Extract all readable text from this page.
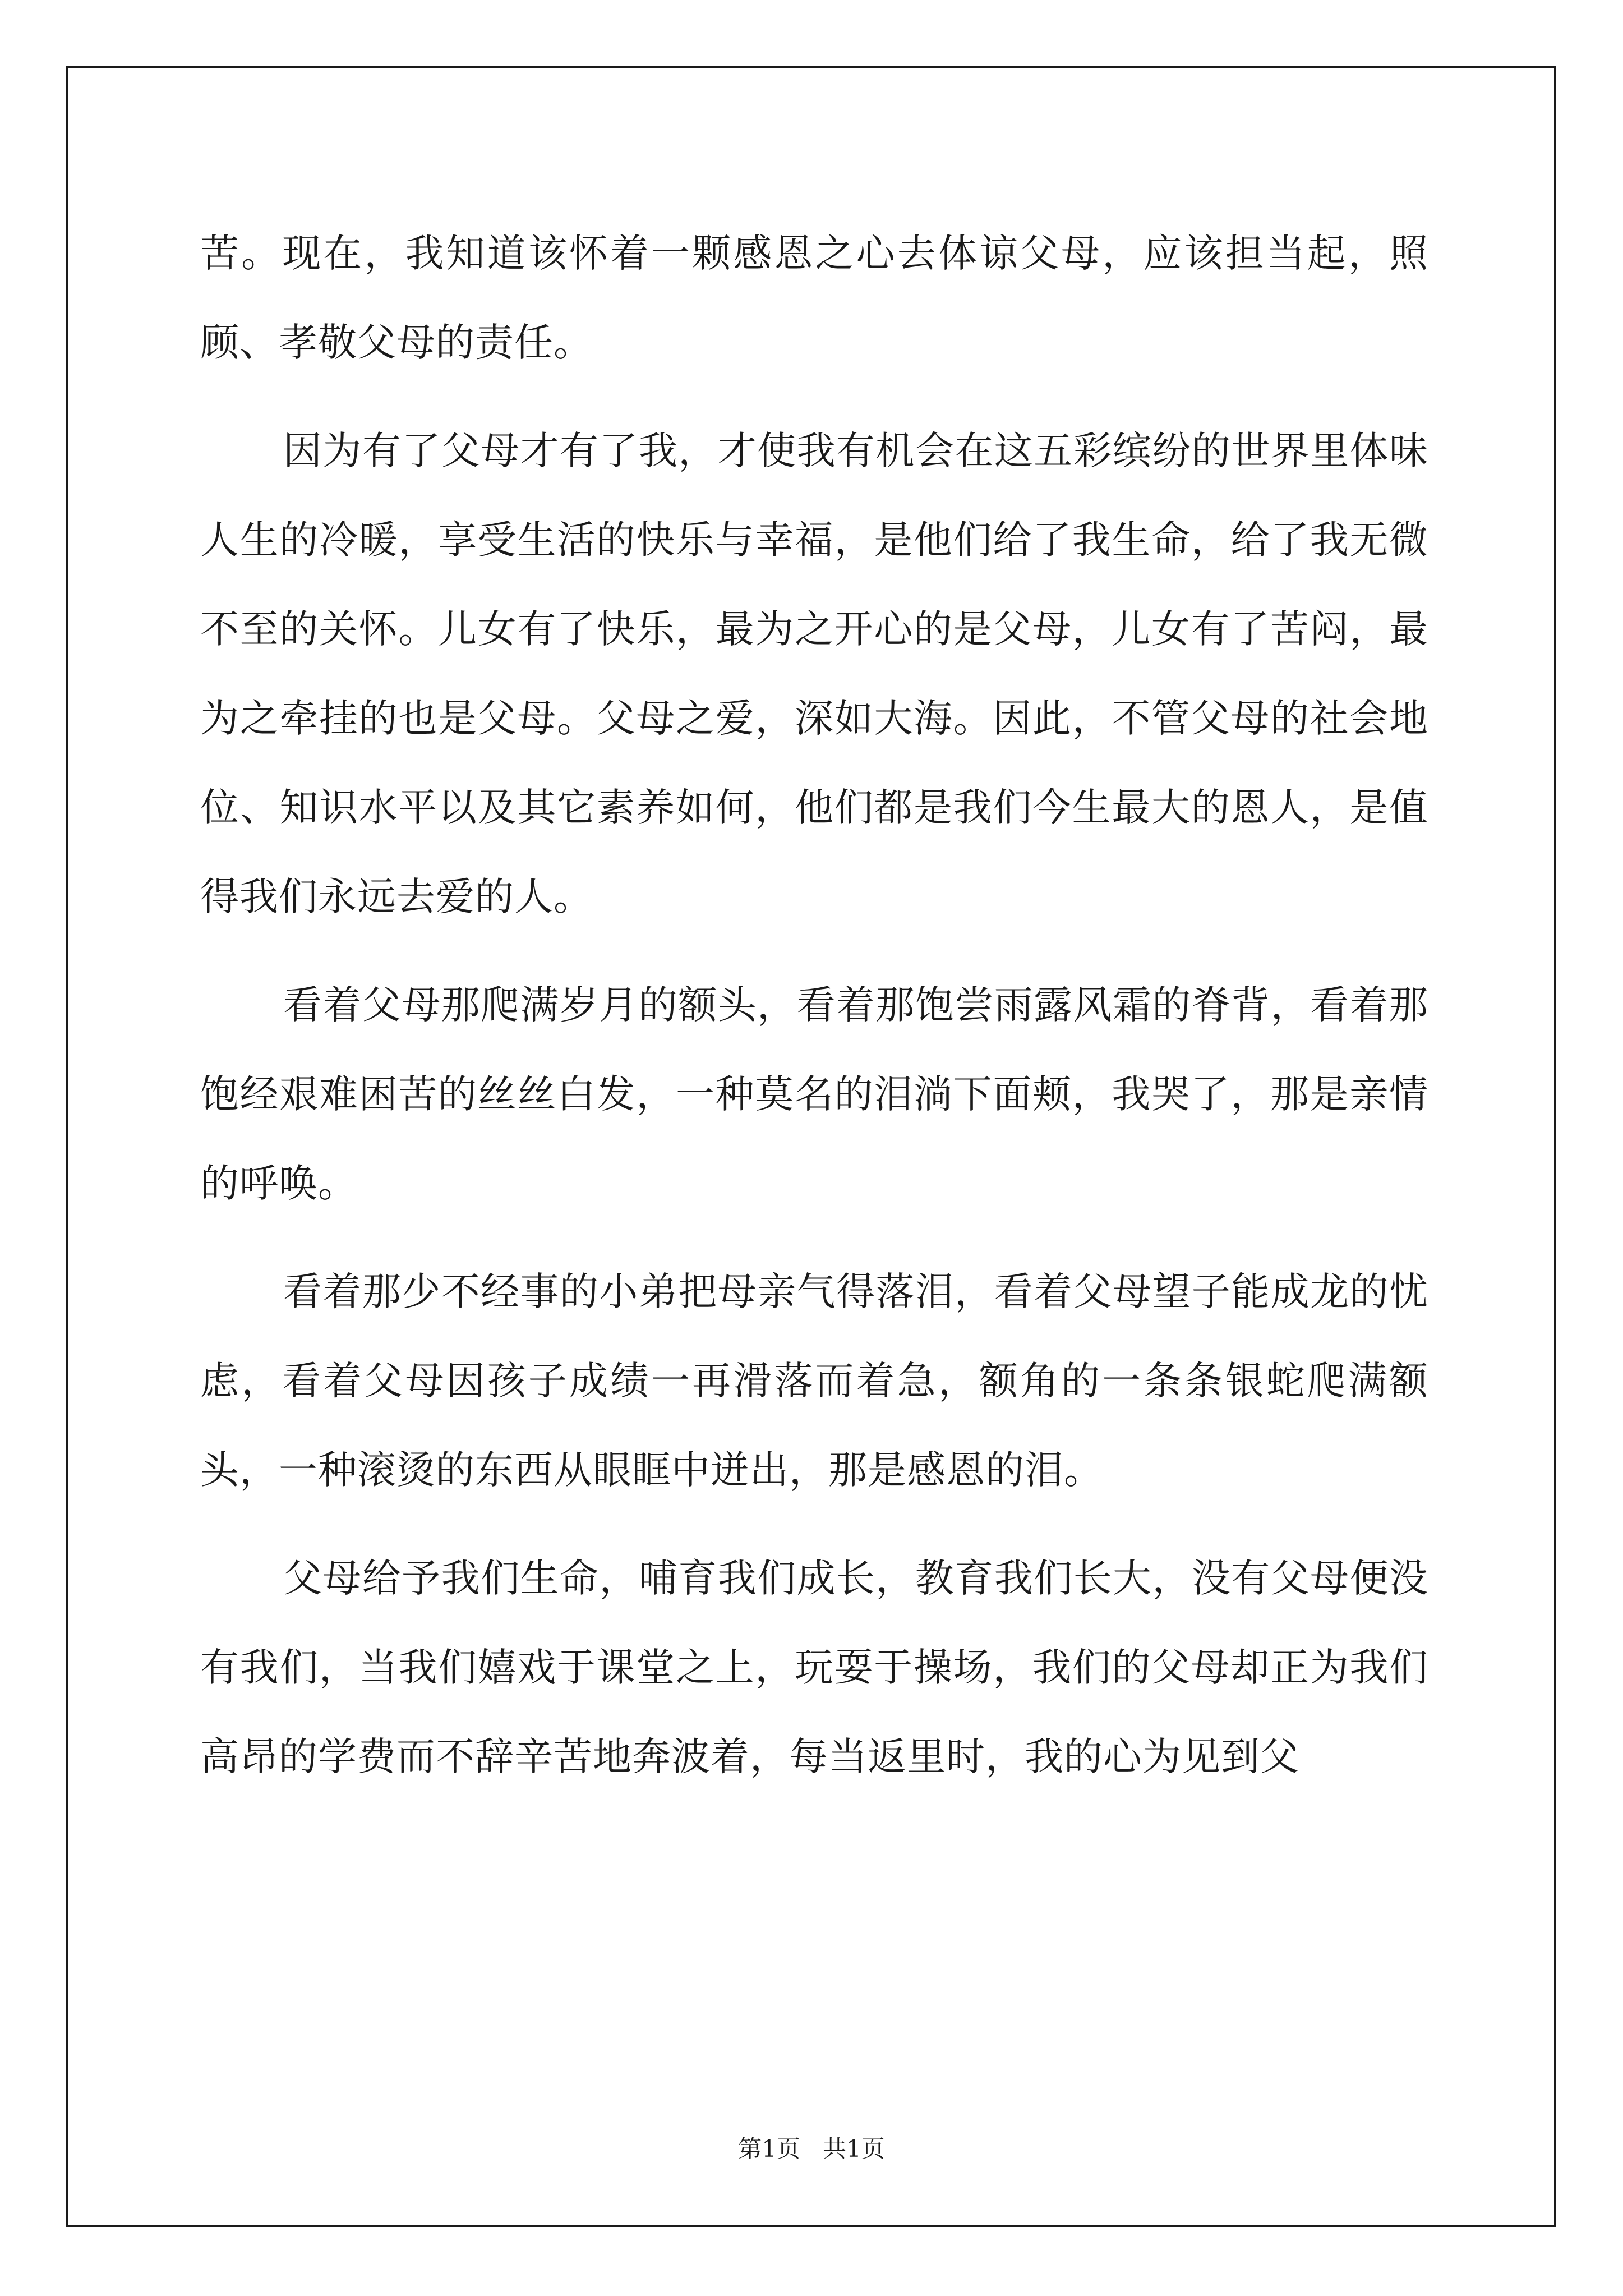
苦。现在，我知道该怀着一颗感恩之心去体谅父母，应该担当起，照顾、孝敬父母的责任。

因为有了父母才有了我，才使我有机会在这五彩缤纷的世界里体味人生的冷暖，享受生活的快乐与幸福，是他们给了我生命，给了我无微不至的关怀。儿女有了快乐，最为之开心的是父母，儿女有了苦闷，最为之牵挂的也是父母。父母之爱，深如大海。因此，不管父母的社会地位、知识水平以及其它素养如何，他们都是我们今生最大的恩人，是值得我们永远去爱的人。

看着父母那爬满岁月的额头，看着那饱尝雨露风霜的脊背，看着那饱经艰难困苦的丝丝白发，一种莫名的泪淌下面颊，我哭了，那是亲情的呼唤。

看着那少不经事的小弟把母亲气得落泪，看着父母望子能成龙的忧虑，看着父母因孩子成绩一再滑落而着急，额角的一条条银蛇爬满额头，一种滚烫的东西从眼眶中迸出，那是感恩的泪。

父母给予我们生命，哺育我们成长，教育我们长大，没有父母便没有我们，当我们嬉戏于课堂之上，玩耍于操场，我们的父母却正为我们高昂的学费而不辞辛苦地奔波着，每当返里时，我的心为见到父

第1页   共1页
